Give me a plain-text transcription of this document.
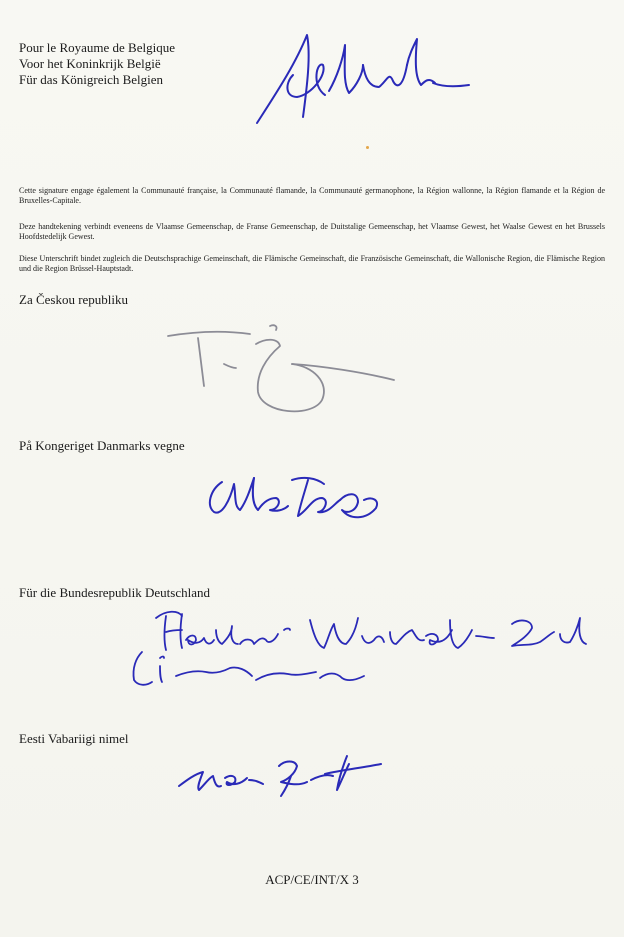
Pour le Royaume de Belgique
Voor het Koninkrijk België
Für das Königreich Belgien
Cette signature engage également la Communauté française, la Communauté flamande, la Communauté germanophone, la Région wallonne, la Région flamande et la Région de Bruxelles-Capitale.
Deze handtekening verbindt eveneens de Vlaamse Gemeenschap, de Franse Gemeenschap, de Duitstalige Gemeenschap, het Vlaamse Gewest, het Waalse Gewest en het Brussels Hoofdstedelijk Gewest.
Diese Unterschrift bindet zugleich die Deutschsprachige Gemeinschaft, die Flämische Gemeinschaft, die Französische Gemeinschaft, die Wallonische Region, die Flämische Region und die Region Brüssel-Hauptstadt.
Za Českou republiku
På Kongeriget Danmarks vegne
Für die Bundesrepublik Deutschland
Eesti Vabariigi nimel
ACP/CE/INT/X 3
